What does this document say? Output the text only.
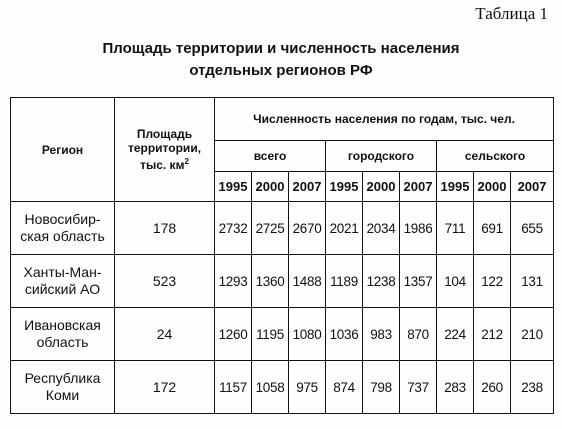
Таблица 1
Площадь территории и численность населения
отдельных регионов РФ
Регион	Площадь
территории,
тыс. $км^2$	Численность населения по годам, тыс. чел.								
		всего			городского			сельского		
		1995	2000	2007	1995	2000	2007	1995	2000	2007

Новосибир-
ская область	178	2732	2725	2670	2021	2034	1986	711	691	655

Ханты-Ман-
сийский АО	523	1293	1360	1488	1189	1238	1357	104	122	131

Ивановская
область	24	1260	1195	1080	1036	983	870	224	212	210

Республика
Коми	172	1157	1058	975	874	798	737	283	260	238
